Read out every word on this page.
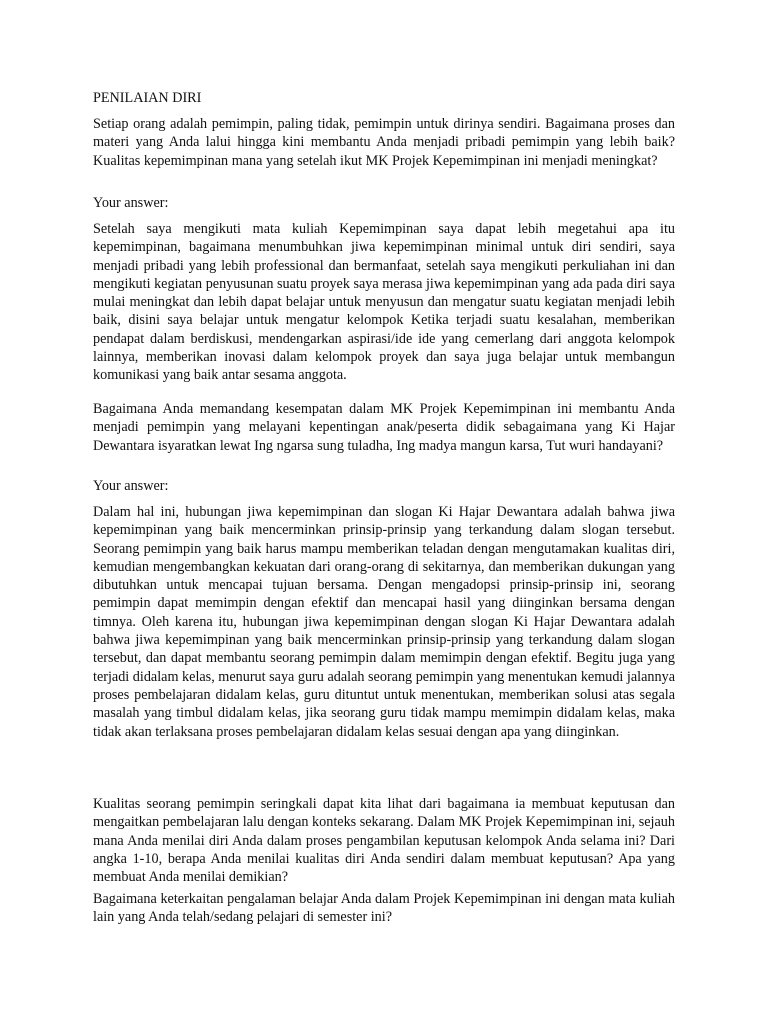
PENILAIAN DIRI

Setiap orang adalah pemimpin, paling tidak, pemimpin untuk dirinya sendiri. Bagaimana proses dan materi yang Anda lalui hingga kini membantu Anda menjadi pribadi pemimpin yang lebih baik? Kualitas kepemimpinan mana yang setelah ikut MK Projek Kepemimpinan ini menjadi meningkat?

Your answer:

Setelah saya mengikuti mata kuliah Kepemimpinan saya dapat lebih megetahui apa itu kepemimpinan, bagaimana menumbuhkan jiwa kepemimpinan minimal untuk diri sendiri, saya menjadi pribadi yang lebih professional dan bermanfaat, setelah saya mengikuti perkuliahan ini dan mengikuti kegiatan penyusunan suatu proyek saya merasa jiwa kepemimpinan yang ada pada diri saya mulai meningkat dan lebih dapat belajar untuk menyusun dan mengatur suatu kegiatan menjadi lebih baik, disini saya belajar untuk mengatur kelompok Ketika terjadi suatu kesalahan, memberikan pendapat dalam berdiskusi, mendengarkan aspirasi/ide ide yang cemerlang dari anggota kelompok lainnya, memberikan inovasi dalam kelompok proyek dan saya juga belajar untuk membangun komunikasi yang baik antar sesama anggota.

Bagaimana Anda memandang kesempatan dalam MK Projek Kepemimpinan ini membantu Anda menjadi pemimpin yang melayani kepentingan anak/peserta didik sebagaimana yang Ki Hajar Dewantara isyaratkan lewat Ing ngarsa sung tuladha, Ing madya mangun karsa, Tut wuri handayani?

Your answer:

Dalam hal ini, hubungan jiwa kepemimpinan dan slogan Ki Hajar Dewantara adalah bahwa jiwa kepemimpinan yang baik mencerminkan prinsip-prinsip yang terkandung dalam slogan tersebut. Seorang pemimpin yang baik harus mampu memberikan teladan dengan mengutamakan kualitas diri, kemudian mengembangkan kekuatan dari orang-orang di sekitarnya, dan memberikan dukungan yang dibutuhkan untuk mencapai tujuan bersama. Dengan mengadopsi prinsip-prinsip ini, seorang pemimpin dapat memimpin dengan efektif dan mencapai hasil yang diinginkan bersama dengan timnya. Oleh karena itu, hubungan jiwa kepemimpinan dengan slogan Ki Hajar Dewantara adalah bahwa jiwa kepemimpinan yang baik mencerminkan prinsip-prinsip yang terkandung dalam slogan tersebut, dan dapat membantu seorang pemimpin dalam memimpin dengan efektif. Begitu juga yang terjadi didalam kelas, menurut saya guru adalah seorang pemimpin yang menentukan kemudi jalannya proses pembelajaran didalam kelas, guru dituntut untuk menentukan, memberikan solusi atas segala masalah yang timbul didalam kelas, jika seorang guru tidak mampu memimpin didalam kelas, maka tidak akan terlaksana proses pembelajaran didalam kelas sesuai dengan apa yang diinginkan.

Kualitas seorang pemimpin seringkali dapat kita lihat dari bagaimana ia membuat keputusan dan mengaitkan pembelajaran lalu dengan konteks sekarang. Dalam MK Projek Kepemimpinan ini, sejauh mana Anda menilai diri Anda dalam proses pengambilan keputusan kelompok Anda selama ini? Dari angka 1-10, berapa Anda menilai kualitas diri Anda sendiri dalam membuat keputusan? Apa yang membuat Anda menilai demikian?

Bagaimana keterkaitan pengalaman belajar Anda dalam Projek Kepemimpinan ini dengan mata kuliah lain yang Anda telah/sedang pelajari di semester ini?
